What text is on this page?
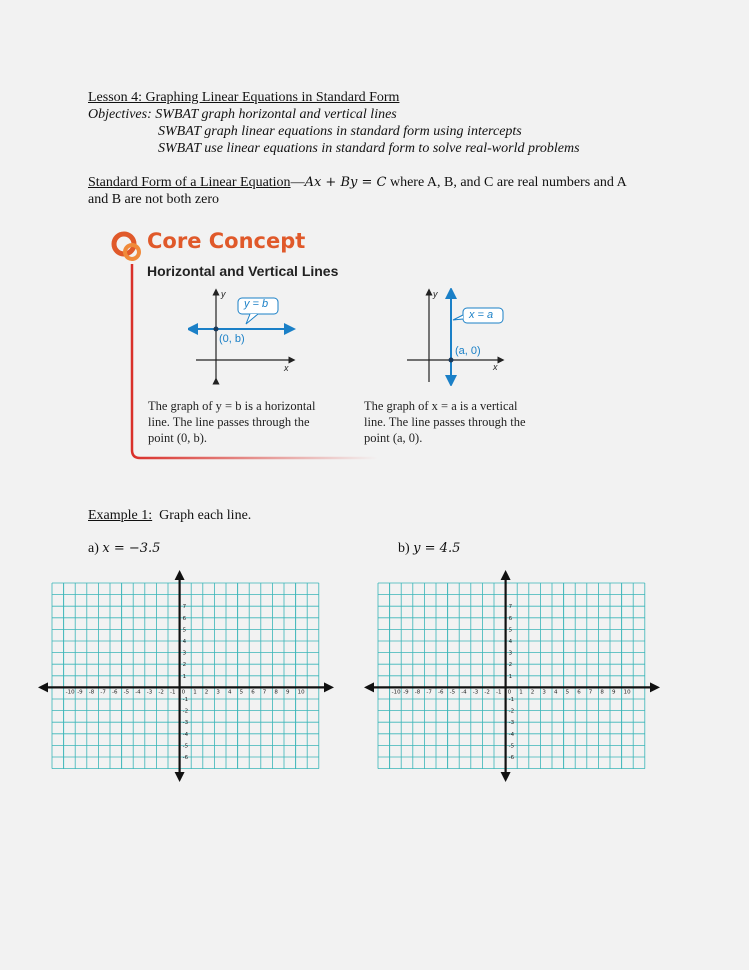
Lesson 4: Graphing Linear Equations in Standard Form
Objectives: SWBAT graph horizontal and vertical lines
SWBAT graph linear equations in standard form using intercepts
SWBAT use linear equations in standard form to solve real-world problems
Standard Form of a Linear Equation—Ax + By = C where A, B, and C are real numbers and A
and B are not both zero
Core Concept
Horizontal and Vertical Lines
y = b
(0, b)
y
x
x = a
(a, 0)
y
x
The graph of y = b is a horizontal
line. The line passes through the
point (0, b).
The graph of x = a is a vertical
line. The line passes through the
point (a, 0).
Example 1: Graph each line.
a) x = −3.5	b) y = 4.5
-10 -9 -8 -7 -6 -5 -4 -3 -2 -1 0 1 2 3 4 5 6 7 8 9 10
1
2
3
4
5
6
7
-1
-2
-3
-4
-5
-6
-10 -9 -8 -7 -6 -5 -4 -3 -2 -1 0 1 2 3 4 5 6 7 8 9 10
1
2
3
4
5
6
7
-1
-2
-3
-4
-5
-6
